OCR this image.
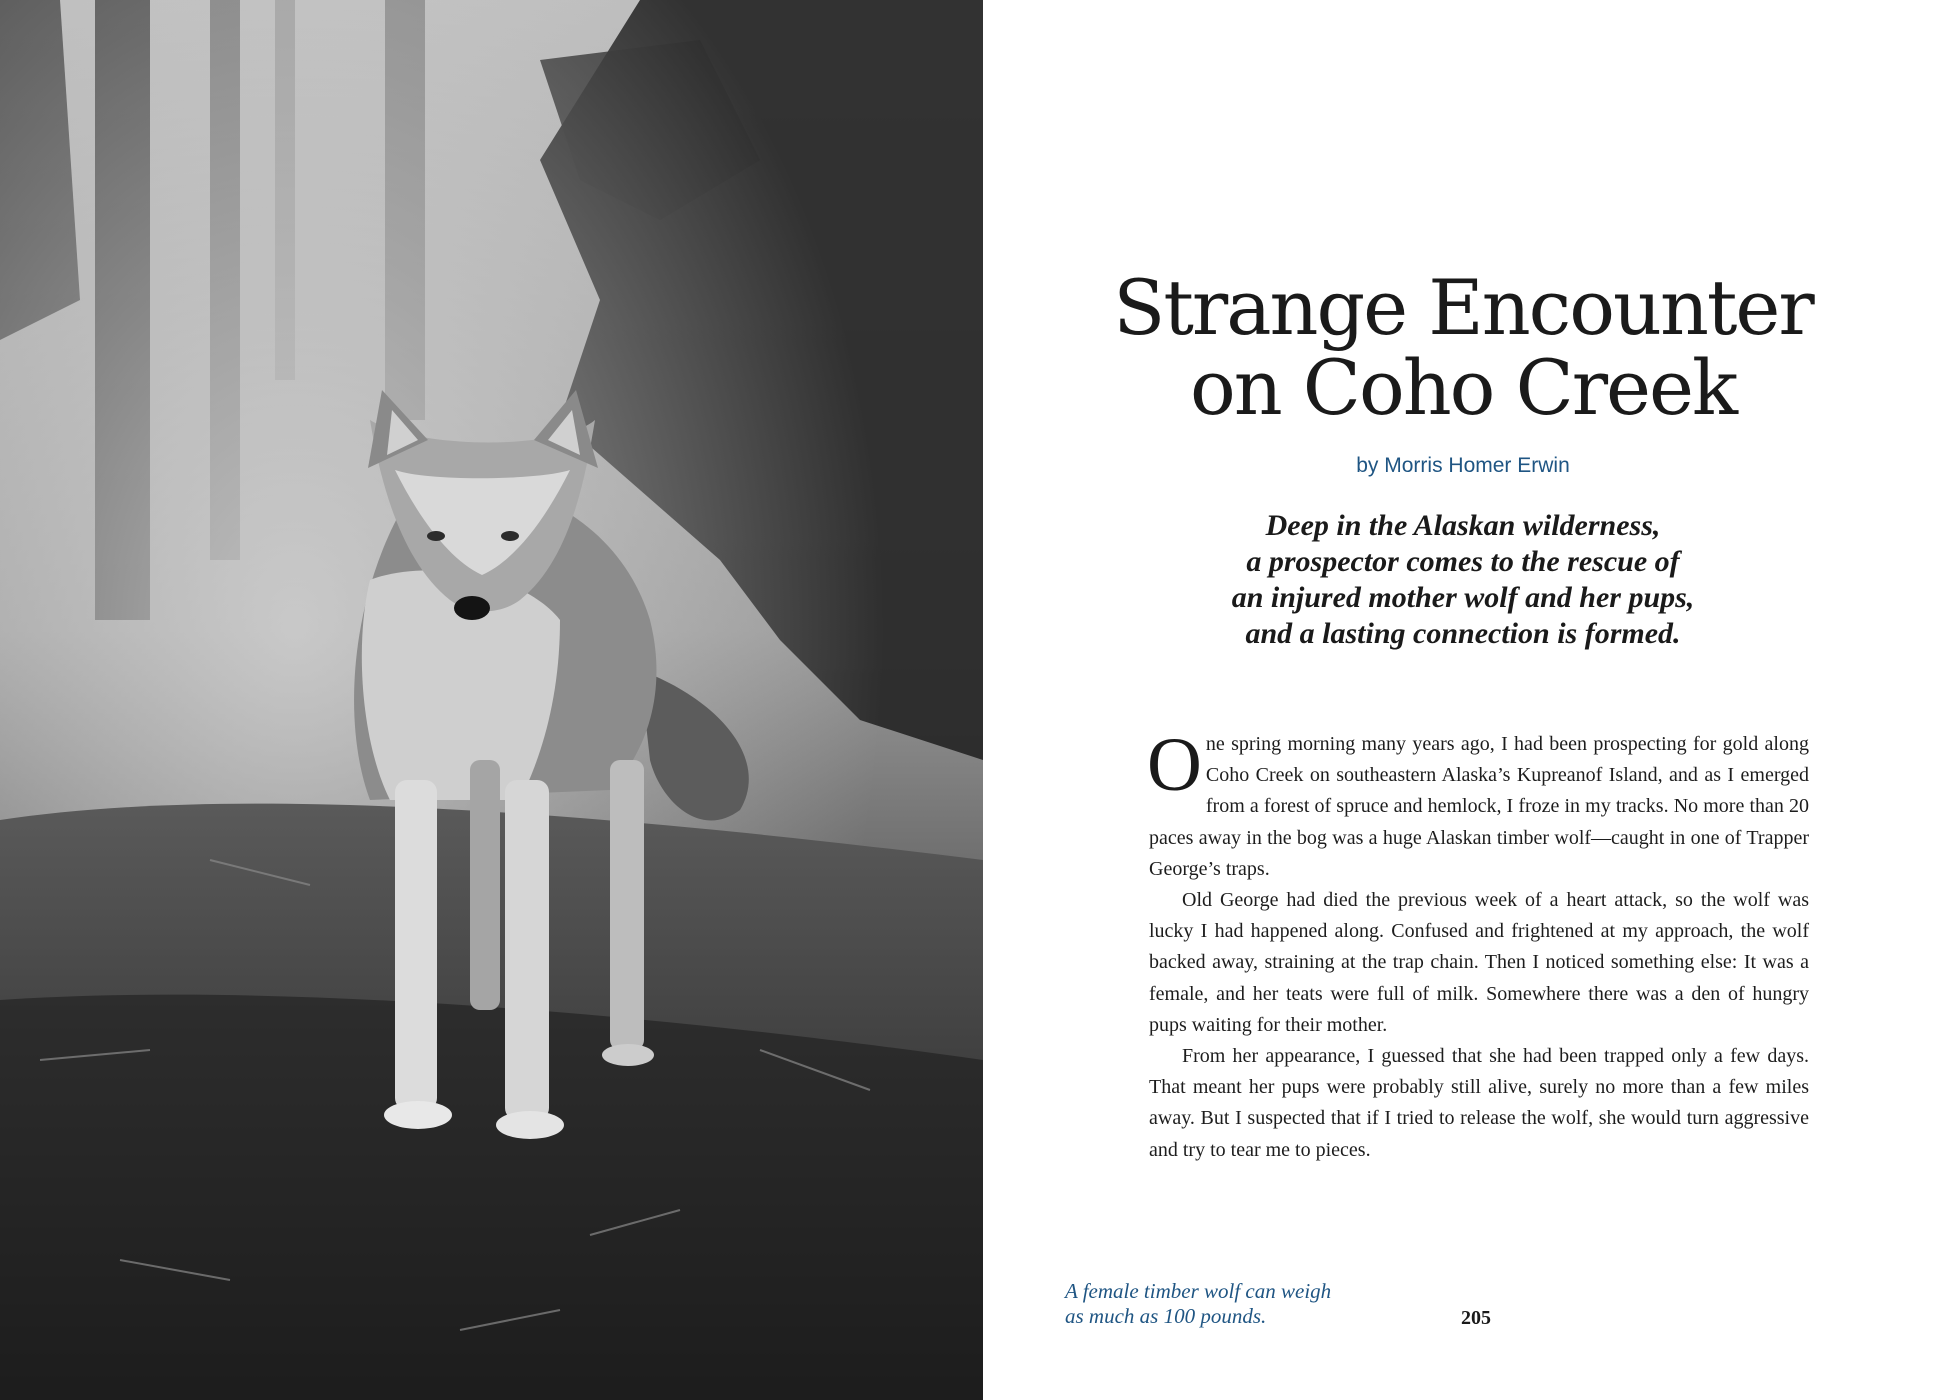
Strange Encounter
on Coho Creek
by Morris Homer Erwin
Deep in the Alaskan wilderness,
a prospector comes to the rescue of
an injured mother wolf and her pups,
and a lasting connection is formed.

One spring morning many years ago, I had been prospecting for gold along Coho Creek on southeastern Alaska’s Kupreanof Island, and as I emerged from a forest of spruce and hemlock, I froze in my tracks. No more than 20 paces away in the bog was a huge Alaskan timber wolf—caught in one of Trapper George’s traps.

Old George had died the previous week of a heart attack, so the wolf was lucky I had happened along. Confused and frightened at my approach, the wolf backed away, straining at the trap chain. Then I noticed something else: It was a female, and her teats were full of milk. Somewhere there was a den of hungry pups waiting for their mother.

From her appearance, I guessed that she had been trapped only a few days. That meant her pups were probably still alive, surely no more than a few miles away. But I suspected that if I tried to release the wolf, she would turn aggressive and try to tear me to pieces.

A female timber wolf can weigh
as much as 100 pounds.	205
